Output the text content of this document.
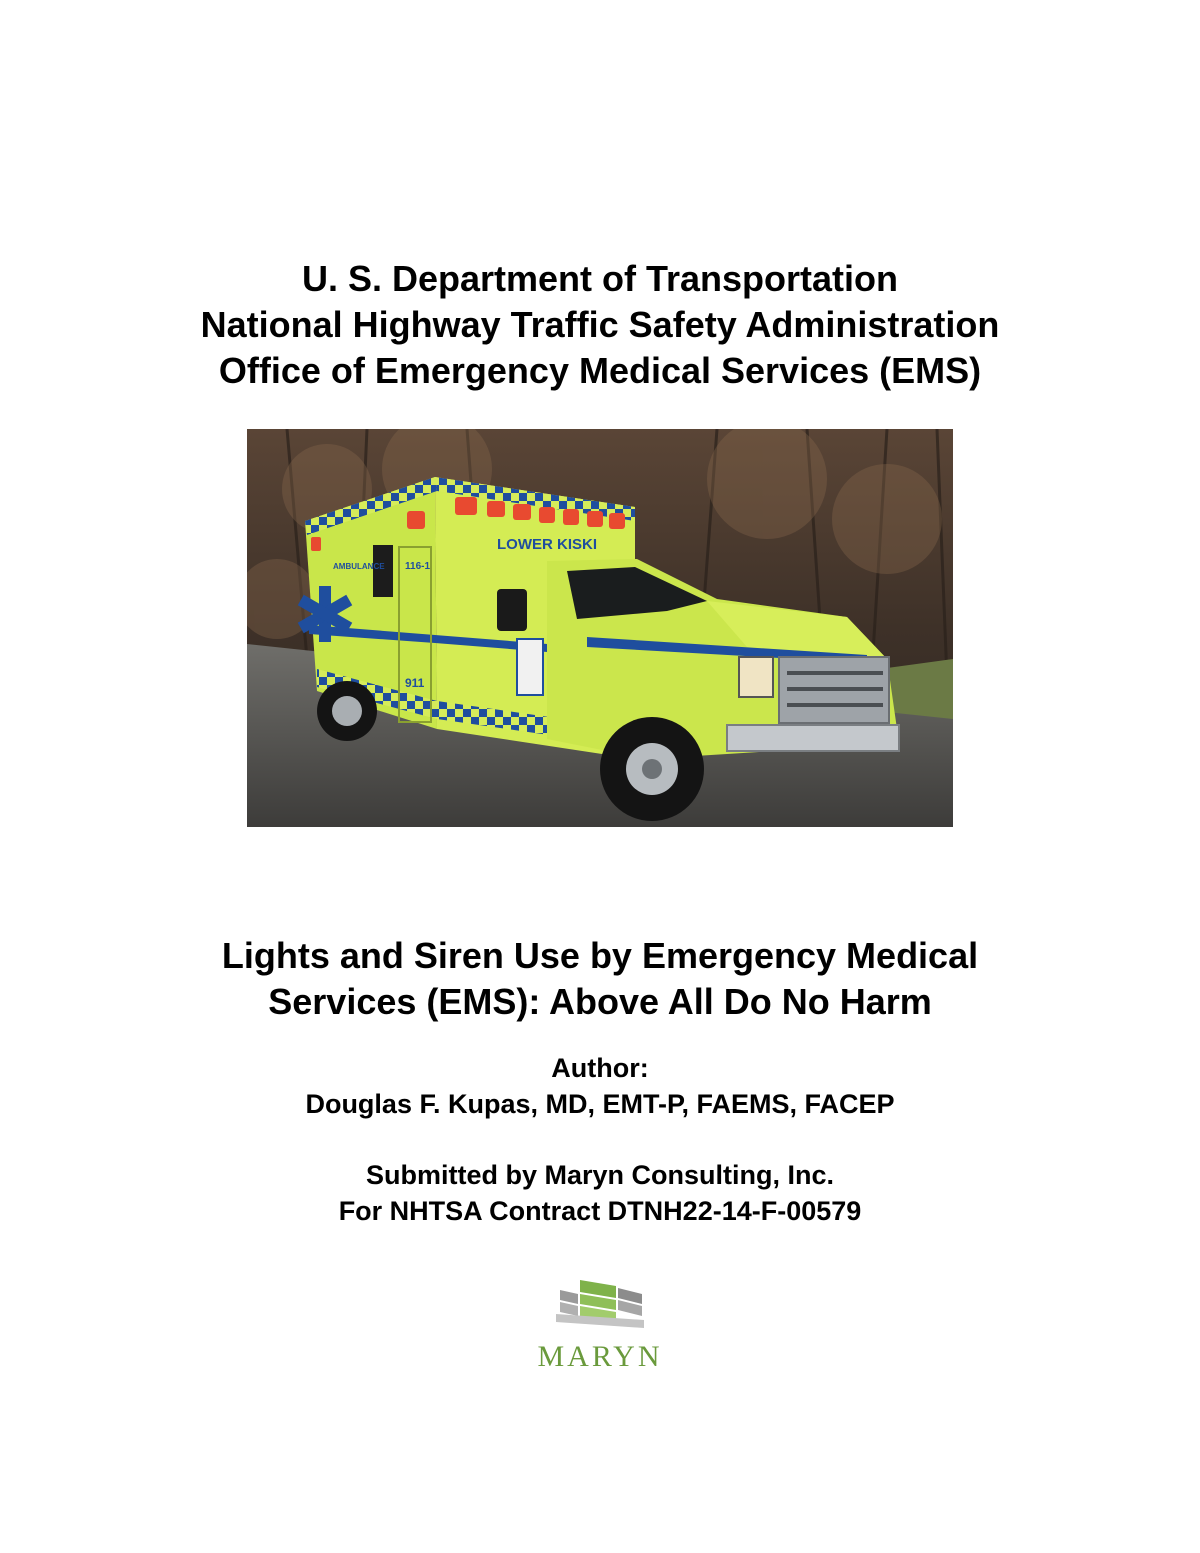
U. S. Department of Transportation
National Highway Traffic Safety Administration
Office of Emergency Medical Services (EMS)
LOWER KISKI
AMBULANCE 116-1
911
Lights and Siren Use by Emergency Medical
Services (EMS): Above All Do No Harm
Author:
Douglas F. Kupas, MD, EMT-P, FAEMS, FACEP
Submitted by Maryn Consulting, Inc.
For NHTSA Contract DTNH22-14-F-00579
MARYN
